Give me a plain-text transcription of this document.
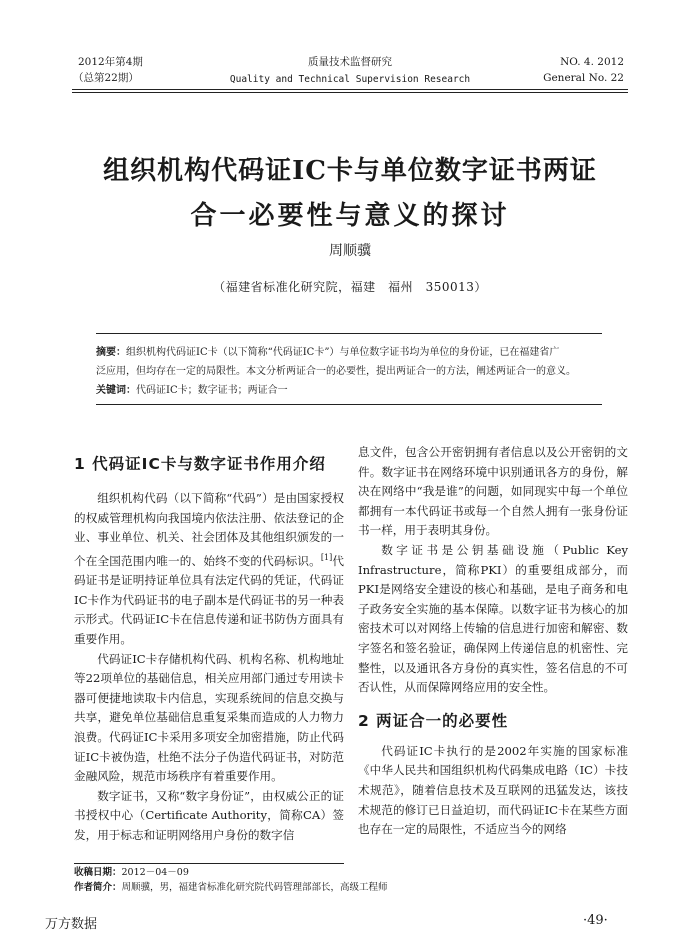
2012年第4期
（总第22期）
质量技术监督研究
Quality and Technical Supervision Research
NO. 4. 2012
General No. 22
组织机构代码证IC卡与单位数字证书两证
合一必要性与意义的探讨
周顺骥
（福建省标准化研究院，福建　福州　350013）
摘要：组织机构代码证IC卡（以下简称“代码证IC卡”）与单位数字证书均为单位的身份证，已在福建省广
泛应用，但均存在一定的局限性。本文分析两证合一的必要性，提出两证合一的方法，阐述两证合一的意义。
关键词：代码证IC卡；数字证书；两证合一
1 代码证IC卡与数字证书作用介绍

组织机构代码（以下简称“代码”）是由国家授权的权威管理机构向我国境内依法注册、依法登记的企业、事业单位、机关、社会团体及其他组织颁发的一个在全国范围内唯一的、始终不变的代码标识。[1]代码证书是证明持证单位具有法定代码的凭证，代码证IC卡作为代码证书的电子副本是代码证书的另一种表示形式。代码证IC卡在信息传递和证书防伪方面具有重要作用。

代码证IC卡存储机构代码、机构名称、机构地址等22项单位的基础信息，相关应用部门通过专用读卡器可便捷地读取卡内信息，实现系统间的信息交换与共享，避免单位基础信息重复采集而造成的人力物力浪费。代码证IC卡采用多项安全加密措施，防止代码证IC卡被伪造，杜绝不法分子伪造代码证书，对防范金融风险，规范市场秩序有着重要作用。

数字证书，又称“数字身份证”，由权威公正的证书授权中心（Certificate Authority，简称CA）签发，用于标志和证明网络用户身份的数字信

息文件，包含公开密钥拥有者信息以及公开密钥的文件。数字证书在网络环境中识别通讯各方的身份，解决在网络中“我是谁”的问题，如同现实中每一个单位都拥有一本代码证书或每一个自然人拥有一张身份证书一样，用于表明其身份。

数字证书是公钥基础设施（Public Key Infrastructure，简称PKI）的重要组成部分，而PKI是网络安全建设的核心和基础，是电子商务和电子政务安全实施的基本保障。以数字证书为核心的加密技术可以对网络上传输的信息进行加密和解密、数字签名和签名验证，确保网上传递信息的机密性、完整性，以及通讯各方身份的真实性，签名信息的不可否认性，从而保障网络应用的安全性。

2 两证合一的必要性

代码证IC卡执行的是2002年实施的国家标准《中华人民共和国组织机构代码集成电路（IC）卡技术规范》，随着信息技术及互联网的迅猛发达，该技术规范的修订已日益迫切，而代码证IC卡在某些方面也存在一定的局限性，不适应当今的网络

收稿日期：2012－04－09
作者简介：周顺骥，男，福建省标准化研究院代码管理部部长，高级工程师
万方数据	·49·
